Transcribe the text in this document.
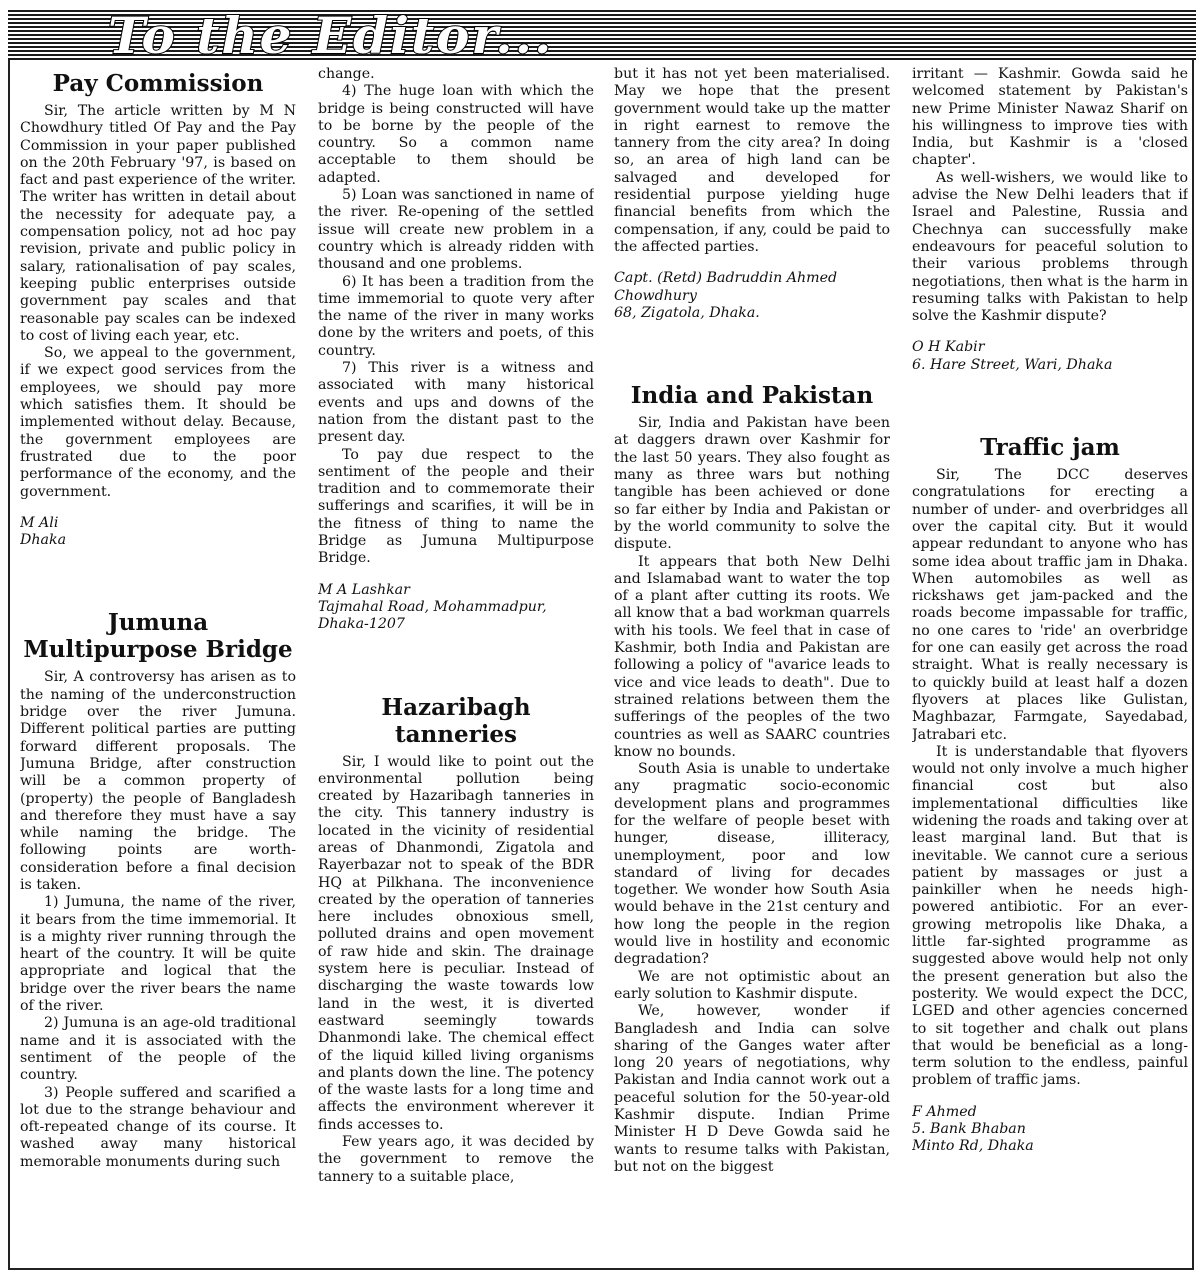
To the Editor...
Pay Commission

Sir, The article written by M N Chowdhury titled Of Pay and the Pay Commission in your paper published on the 20th February '97, is based on fact and past experience of the writer. The writer has written in detail about the necessity for adequate pay, a compensation policy, not ad hoc pay revision, private and public policy in salary, rationalisation of pay scales, keeping public enterprises outside government pay scales and that reasonable pay scales can be indexed to cost of living each year, etc.

So, we appeal to the government, if we expect good services from the employees, we should pay more which satisfies them. It should be implemented without delay. Because, the government employees are frustrated due to the poor performance of the economy, and the government.

M Ali
Dhaka
Jumuna
Multipurpose Bridge

Sir, A controversy has arisen as to the naming of the underconstruction bridge over the river Jumuna. Different political parties are putting forward different proposals. The Jumuna Bridge, after construction will be a common property of (property) the people of Bangladesh and therefore they must have a say while naming the bridge. The following points are worth-consideration before a final decision is taken.

1) Jumuna, the name of the river, it bears from the time immemorial. It is a mighty river running through the heart of the country. It will be quite appropriate and logical that the bridge over the river bears the name of the river.

2) Jumuna is an age-old traditional name and it is associated with the sentiment of the people of the country.

3) People suffered and scarified a lot due to the strange behaviour and oft-repeated change of its course. It washed away many historical memorable monuments during such

change.

4) The huge loan with which the bridge is being constructed will have to be borne by the people of the country. So a common name acceptable to them should be adapted.

5) Loan was sanctioned in name of the river. Re-opening of the settled issue will create new problem in a country which is already ridden with thousand and one problems.

6) It has been a tradition from the time immemorial to quote very after the name of the river in many works done by the writers and poets, of this country.

7) This river is a witness and associated with many historical events and ups and downs of the nation from the distant past to the present day.

To pay due respect to the sentiment of the people and their tradition and to commemorate their sufferings and scarifies, it will be in the fitness of thing to name the Bridge as Jumuna Multipurpose Bridge.

M A Lashkar
Tajmahal Road, Mohammadpur,
Dhaka-1207
Hazaribagh tanneries

Sir, I would like to point out the environmental pollution being created by Hazaribagh tanneries in the city. This tannery industry is located in the vicinity of residential areas of Dhanmondi, Zigatola and Rayerbazar not to speak of the BDR HQ at Pilkhana. The inconvenience created by the operation of tanneries here includes obnoxious smell, polluted drains and open movement of raw hide and skin. The drainage system here is peculiar. Instead of discharging the waste towards low land in the west, it is diverted eastward seemingly towards Dhanmondi lake. The chemical effect of the liquid killed living organisms and plants down the line. The potency of the waste lasts for a long time and affects the environment wherever it finds accesses to.

Few years ago, it was decided by the government to remove the tannery to a suitable place,

but it has not yet been materialised. May we hope that the present government would take up the matter in right earnest to remove the tannery from the city area? In doing so, an area of high land can be salvaged and developed for residential purpose yielding huge financial benefits from which the compensation, if any, could be paid to the affected parties.

Capt. (Retd) Badruddin Ahmed
Chowdhury
68, Zigatola, Dhaka.
India and Pakistan

Sir, India and Pakistan have been at daggers drawn over Kashmir for the last 50 years. They also fought as many as three wars but nothing tangible has been achieved or done so far either by India and Pakistan or by the world community to solve the dispute.

It appears that both New Delhi and Islamabad want to water the top of a plant after cutting its roots. We all know that a bad workman quarrels with his tools. We feel that in case of Kashmir, both India and Pakistan are following a policy of "avarice leads to vice and vice leads to death". Due to strained relations between them the sufferings of the peoples of the two countries as well as SAARC countries know no bounds.

South Asia is unable to undertake any pragmatic socio-economic development plans and programmes for the welfare of people beset with hunger, disease, illiteracy, unemployment, poor and low standard of living for decades together. We wonder how South Asia would behave in the 21st century and how long the people in the region would live in hostility and economic degradation?

We are not optimistic about an early solution to Kashmir dispute.

We, however, wonder if Bangladesh and India can solve sharing of the Ganges water after long 20 years of negotiations, why Pakistan and India cannot work out a peaceful solution for the 50-year-old Kashmir dispute. Indian Prime Minister H D Deve Gowda said he wants to resume talks with Pakistan, but not on the biggest

irritant — Kashmir. Gowda said he welcomed statement by Pakistan's new Prime Minister Nawaz Sharif on his willingness to improve ties with India, but Kashmir is a 'closed chapter'.

As well-wishers, we would like to advise the New Delhi leaders that if Israel and Palestine, Russia and Chechnya can successfully make endeavours for peaceful solution to their various problems through negotiations, then what is the harm in resuming talks with Pakistan to help solve the Kashmir dispute?

O H Kabir
6. Hare Street, Wari, Dhaka
Traffic jam

Sir, The DCC deserves congratulations for erecting a number of under- and overbridges all over the capital city. But it would appear redundant to anyone who has some idea about traffic jam in Dhaka. When automobiles as well as rickshaws get jam-packed and the roads become impassable for traffic, no one cares to 'ride' an overbridge for one can easily get across the road straight. What is really necessary is to quickly build at least half a dozen flyovers at places like Gulistan, Maghbazar, Farmgate, Sayedabad, Jatrabari etc.

It is understandable that flyovers would not only involve a much higher financial cost but also implementational difficulties like widening the roads and taking over at least marginal land. But that is inevitable. We cannot cure a serious patient by massages or just a painkiller when he needs high-powered antibiotic. For an ever-growing metropolis like Dhaka, a little far-sighted programme as suggested above would help not only the present generation but also the posterity. We would expect the DCC, LGED and other agencies concerned to sit together and chalk out plans that would be beneficial as a long-term solution to the endless, painful problem of traffic jams.

F Ahmed
5. Bank Bhaban
Minto Rd, Dhaka
